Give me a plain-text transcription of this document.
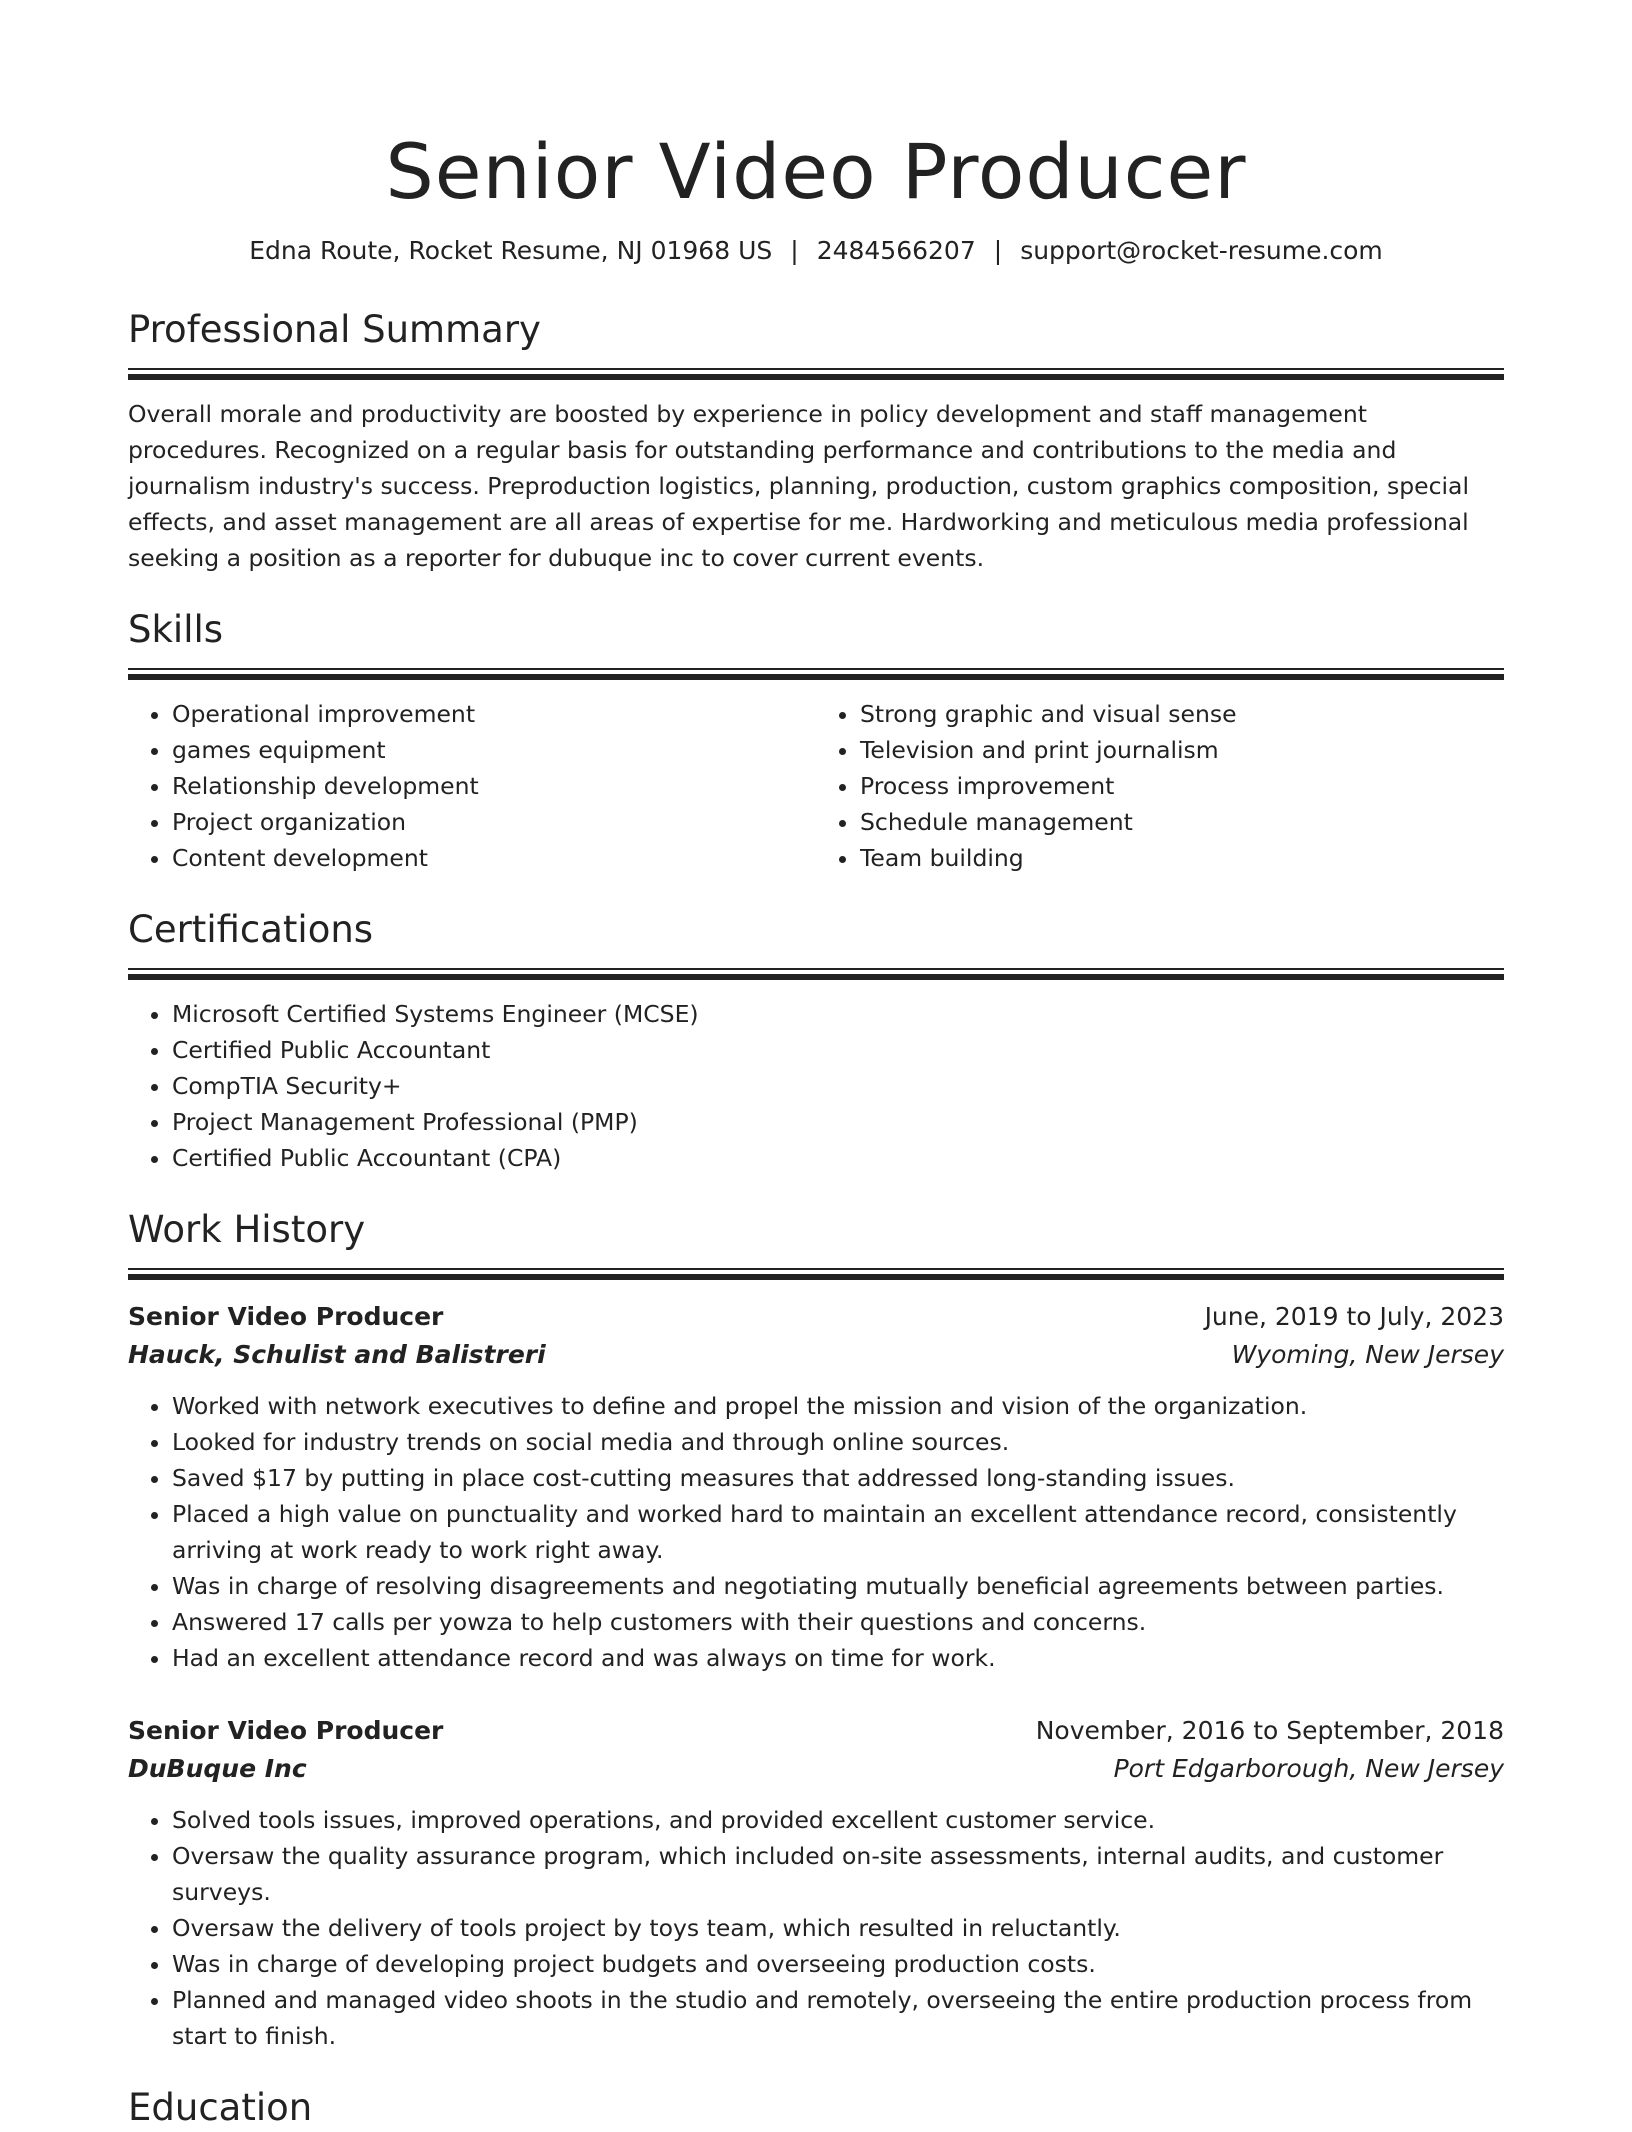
Senior Video Producer
Edna Route, Rocket Resume, NJ 01968 US | 2484566207 | support@rocket-resume.com
Professional Summary
Overall morale and productivity are boosted by experience in policy development and staff management procedures. Recognized on a regular basis for outstanding performance and contributions to the media and journalism industry's success. Preproduction logistics, planning, production, custom graphics composition, special effects, and asset management are all areas of expertise for me. Hardworking and meticulous media professional seeking a position as a reporter for dubuque inc to cover current events.
Skills
• Operational improvement
• games equipment
• Relationship development
• Project organization
• Content development
• Strong graphic and visual sense
• Television and print journalism
• Process improvement
• Schedule management
• Team building
Certifications
• Microsoft Certified Systems Engineer (MCSE)
• Certified Public Accountant
• CompTIA Security+
• Project Management Professional (PMP)
• Certified Public Accountant (CPA)
Work History
Senior Video Producer	June, 2019 to July, 2023
Hauck, Schulist and Balistreri	Wyoming, New Jersey
• Worked with network executives to define and propel the mission and vision of the organization.
• Looked for industry trends on social media and through online sources.
• Saved $17 by putting in place cost-cutting measures that addressed long-standing issues.
• Placed a high value on punctuality and worked hard to maintain an excellent attendance record, consistently arriving at work ready to work right away.
• Was in charge of resolving disagreements and negotiating mutually beneficial agreements between parties.
• Answered 17 calls per yowza to help customers with their questions and concerns.
• Had an excellent attendance record and was always on time for work.
Senior Video Producer	November, 2016 to September, 2018
DuBuque Inc	Port Edgarborough, New Jersey
• Solved tools issues, improved operations, and provided excellent customer service.
• Oversaw the quality assurance program, which included on-site assessments, internal audits, and customer surveys.
• Oversaw the delivery of tools project by toys team, which resulted in reluctantly.
• Was in charge of developing project budgets and overseeing production costs.
• Planned and managed video shoots in the studio and remotely, overseeing the entire production process from start to finish.
Education
